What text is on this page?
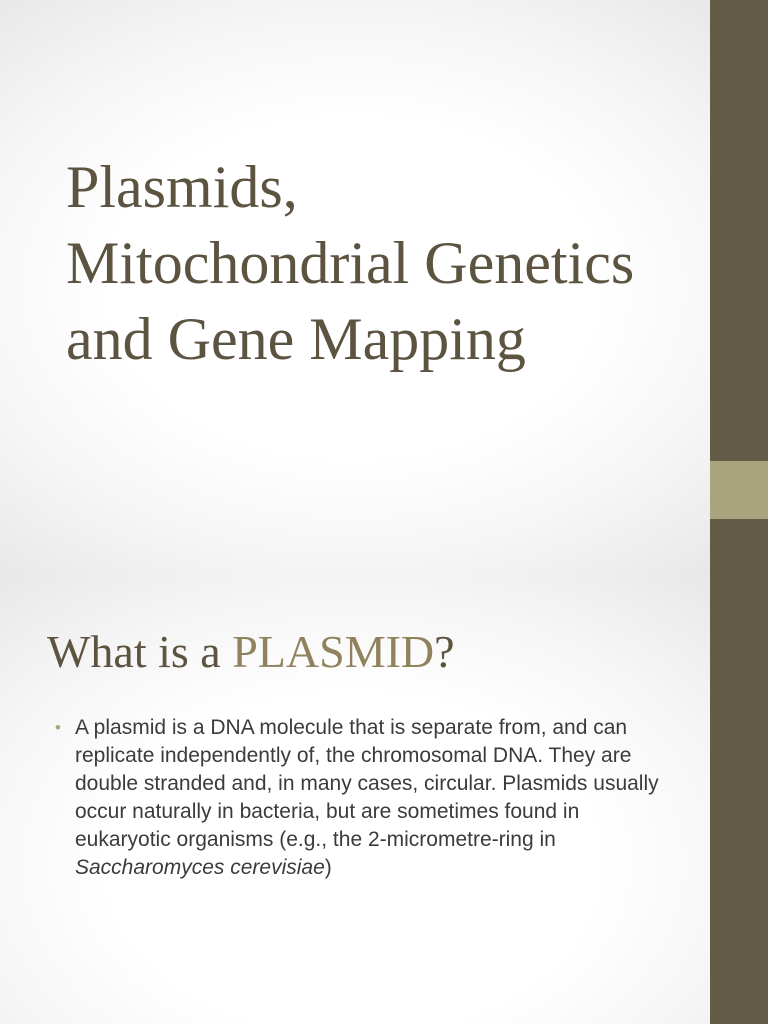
Plasmids,
Mitochondrial Genetics
and Gene Mapping
What is a PLASMID?
• A plasmid is a DNA molecule that is separate from, and can
replicate independently of, the chromosomal DNA. They are
double stranded and, in many cases, circular. Plasmids usually
occur naturally in bacteria, but are sometimes found in
eukaryotic organisms (e.g., the 2-micrometre-ring in
Saccharomyces cerevisiae)
